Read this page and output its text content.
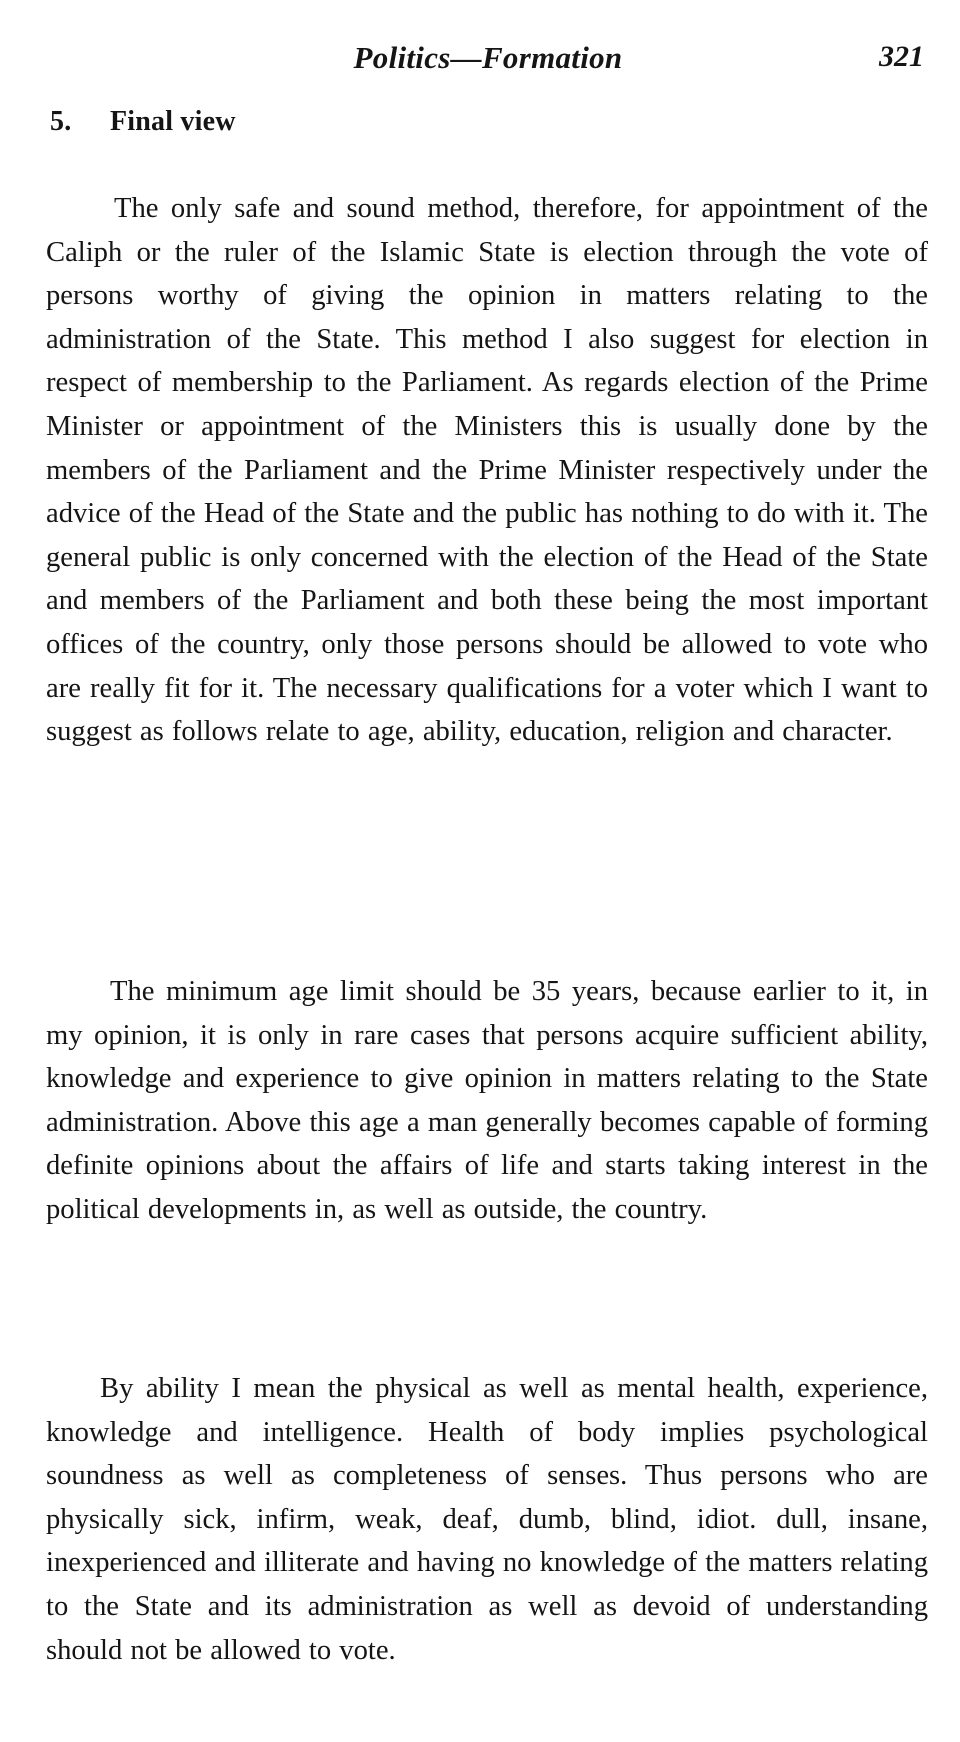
Politics—Formation	321
5. Final view

The only safe and sound method, therefore, for appointment of the Caliph or the ruler of the Islamic State is election through the vote of persons worthy of giving the opinion in matters relating to the administration of the State. This method I also suggest for election in respect of membership to the Parliament. As regards election of the Prime Minister or appointment of the Ministers this is usually done by the members of the Parliament and the Prime Minister respectively under the advice of the Head of the State and the public has nothing to do with it. The general public is only concerned with the election of the Head of the State and members of the Parliament and both these being the most important offices of the country, only those persons should be allowed to vote who are really fit for it. The necessary qualifications for a voter which I want to suggest as follows relate to age, ability, education, religion and character.

The minimum age limit should be 35 years, because earlier to it, in my opinion, it is only in rare cases that persons acquire sufficient ability, knowledge and experience to give opinion in matters relating to the State administration. Above this age a man generally becomes capable of forming definite opinions about the affairs of life and starts taking interest in the political developments in, as well as outside, the country.

By ability I mean the physical as well as mental health, experience, knowledge and intelligence. Health of body implies psychological soundness as well as completeness of senses. Thus persons who are physically sick, infirm, weak, deaf, dumb, blind, idiot. dull, insane, inexperienced and illiterate and having no knowledge of the matters relating to the State and its administration as well as devoid of understanding should not be allowed to vote.
